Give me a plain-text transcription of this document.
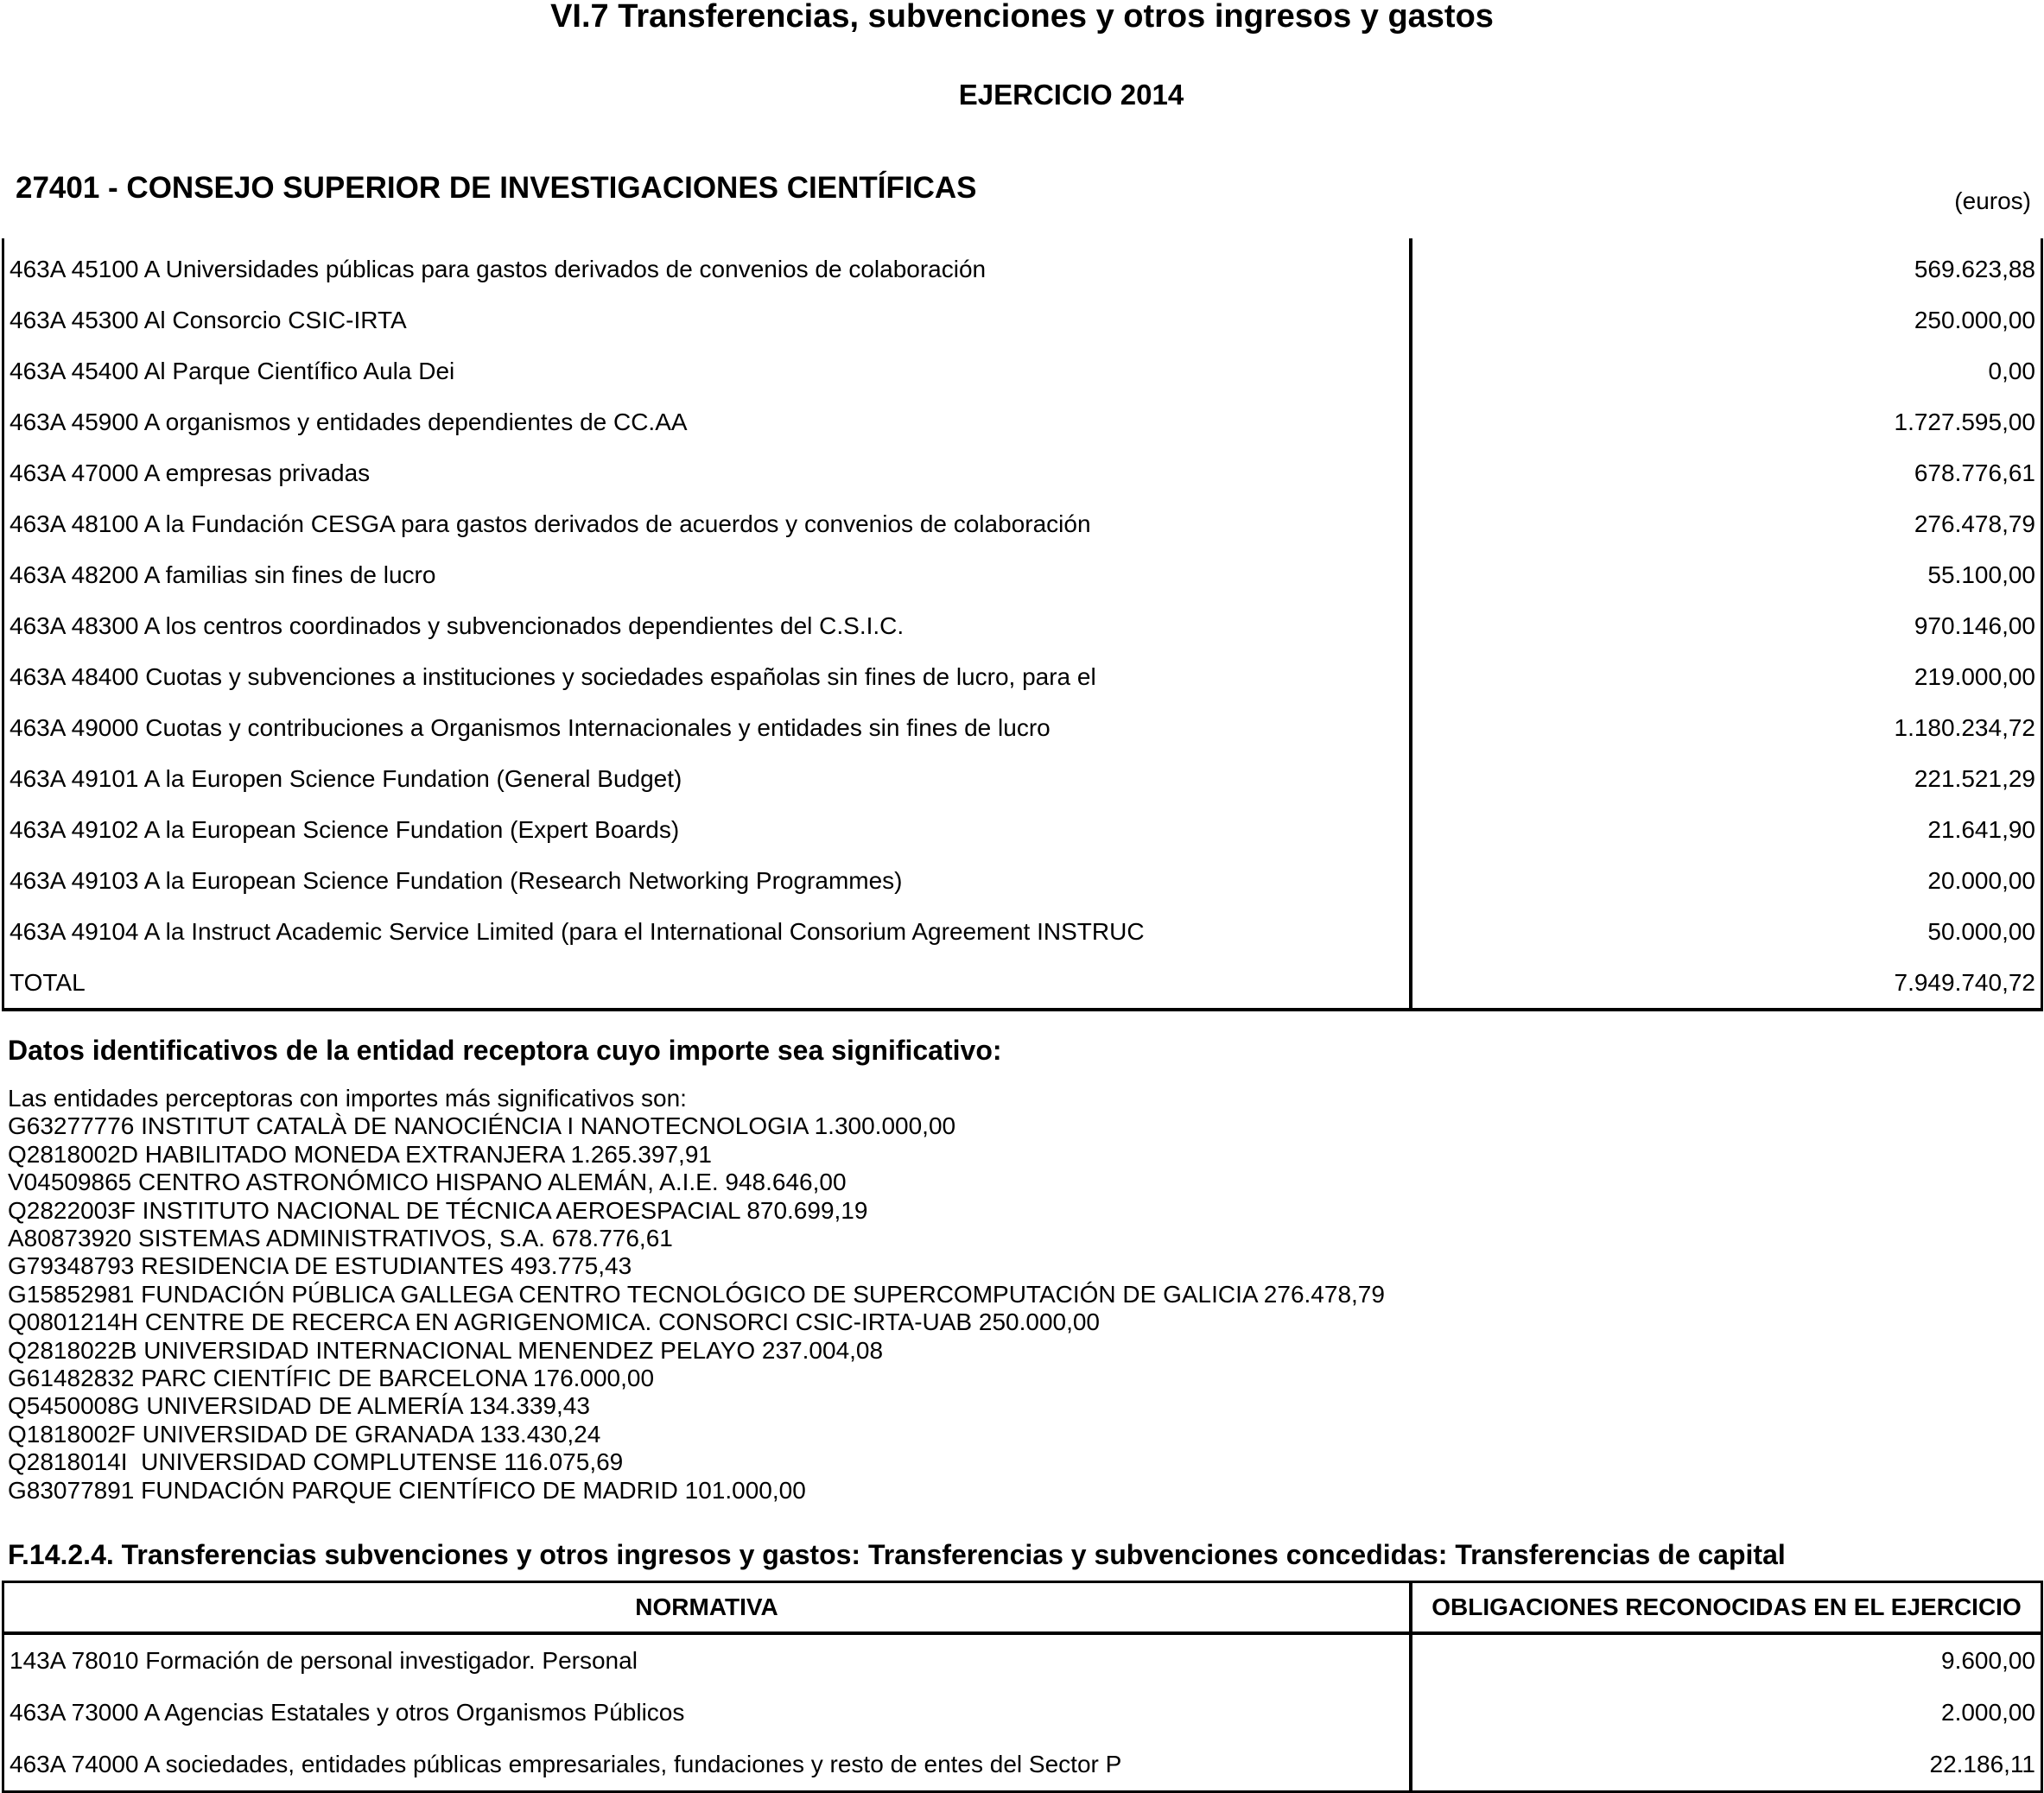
VI.7 Transferencias, subvenciones y otros ingresos y gastos
EJERCICIO 2014
27401 - CONSEJO SUPERIOR DE INVESTIGACIONES CIENTÍFICAS	(euros)
463A 45100 A Universidades públicas para gastos derivados de convenios de colaboración	569.623,88
463A 45300 Al Consorcio CSIC-IRTA	250.000,00
463A 45400 Al Parque Científico Aula Dei	0,00
463A 45900 A organismos y entidades dependientes de CC.AA	1.727.595,00
463A 47000 A empresas privadas	678.776,61
463A 48100 A la Fundación CESGA para gastos derivados de acuerdos y convenios de colaboración	276.478,79
463A 48200 A familias sin fines de lucro	55.100,00
463A 48300 A los centros coordinados y subvencionados dependientes del C.S.I.C.	970.146,00
463A 48400 Cuotas y subvenciones a instituciones y sociedades españolas sin fines de lucro, para el	219.000,00
463A 49000 Cuotas y contribuciones a Organismos Internacionales y entidades sin fines de lucro	1.180.234,72
463A 49101 A la Europen Science Fundation (General Budget)	221.521,29
463A 49102 A la European Science Fundation (Expert Boards)	21.641,90
463A 49103 A la European Science Fundation (Research Networking Programmes)	20.000,00
463A 49104 A la Instruct Academic Service Limited (para el International Consorium Agreement INSTRUC	50.000,00
TOTAL	7.949.740,72
Datos identificativos de la entidad receptora cuyo importe sea significativo:
Las entidades perceptoras con importes más significativos son:
G63277776 INSTITUT CATALÀ DE NANOCIÉNCIA I NANOTECNOLOGIA 1.300.000,00
Q2818002D HABILITADO MONEDA EXTRANJERA 1.265.397,91
V04509865 CENTRO ASTRONÓMICO HISPANO ALEMÁN, A.I.E. 948.646,00
Q2822003F INSTITUTO NACIONAL DE TÉCNICA AEROESPACIAL 870.699,19
A80873920 SISTEMAS ADMINISTRATIVOS, S.A. 678.776,61
G79348793 RESIDENCIA DE ESTUDIANTES 493.775,43
G15852981 FUNDACIÓN PÚBLICA GALLEGA CENTRO TECNOLÓGICO DE SUPERCOMPUTACIÓN DE GALICIA 276.478,79
Q0801214H CENTRE DE RECERCA EN AGRIGENOMICA. CONSORCI CSIC-IRTA-UAB 250.000,00
Q2818022B UNIVERSIDAD INTERNACIONAL MENENDEZ PELAYO 237.004,08
G61482832 PARC CIENTÍFIC DE BARCELONA 176.000,00
Q5450008G UNIVERSIDAD DE ALMERÍA 134.339,43
Q1818002F UNIVERSIDAD DE GRANADA 133.430,24
Q2818014I  UNIVERSIDAD COMPLUTENSE 116.075,69
G83077891 FUNDACIÓN PARQUE CIENTÍFICO DE MADRID 101.000,00
F.14.2.4. Transferencias subvenciones y otros ingresos y gastos: Transferencias y subvenciones concedidas: Transferencias de capital
NORMATIVA	OBLIGACIONES RECONOCIDAS EN EL EJERCICIO
143A 78010 Formación de personal investigador. Personal	9.600,00
463A 73000 A Agencias Estatales y otros Organismos Públicos	2.000,00
463A 74000 A sociedades, entidades públicas empresariales, fundaciones y resto de entes del Sector P	22.186,11
